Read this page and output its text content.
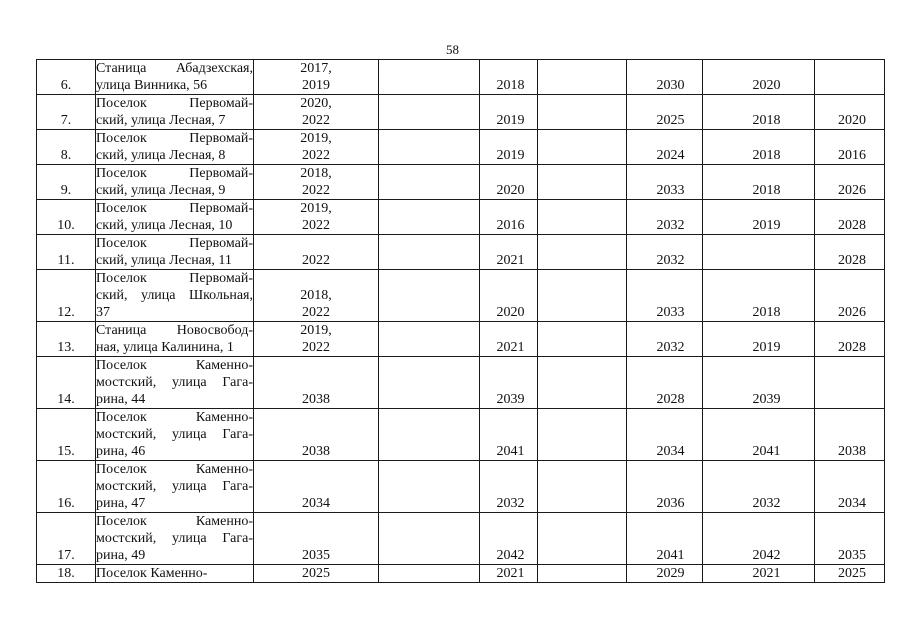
58
6.	Станица Абадзехская,
улица Винника, 56	2017,
2019		2018		2030	2020	
7.	Поселок Первомай-
ский, улица Лесная, 7	2020,
2022		2019		2025	2018	2020
8.	Поселок Первомай-
ский, улица Лесная, 8	2019,
2022		2019		2024	2018	2016
9.	Поселок Первомай-
ский, улица Лесная, 9	2018,
2022		2020		2033	2018	2026
10.	Поселок Первомай-
ский, улица Лесная, 10	2019,
2022		2016		2032	2019	2028
11.	Поселок Первомай-
ский, улица Лесная, 11	2022		2021		2032		2028
12.	Поселок Первомай-
ский, улица Школьная,
37	2018,
2022		2020		2033	2018	2026
13.	Станица Новосвобод-
ная, улица Калинина, 1	2019,
2022		2021		2032	2019	2028
14.	Поселок Каменно-
мостский, улица Гага-
рина, 44	2038		2039		2028	2039	
15.	Поселок Каменно-
мостский, улица Гага-
рина, 46	2038		2041		2034	2041	2038
16.	Поселок Каменно-
мостский, улица Гага-
рина, 47	2034		2032		2036	2032	2034
17.	Поселок Каменно-
мостский, улица Гага-
рина, 49	2035		2042		2041	2042	2035
18.	Поселок Каменно-	2025		2021		2029	2021	2025
